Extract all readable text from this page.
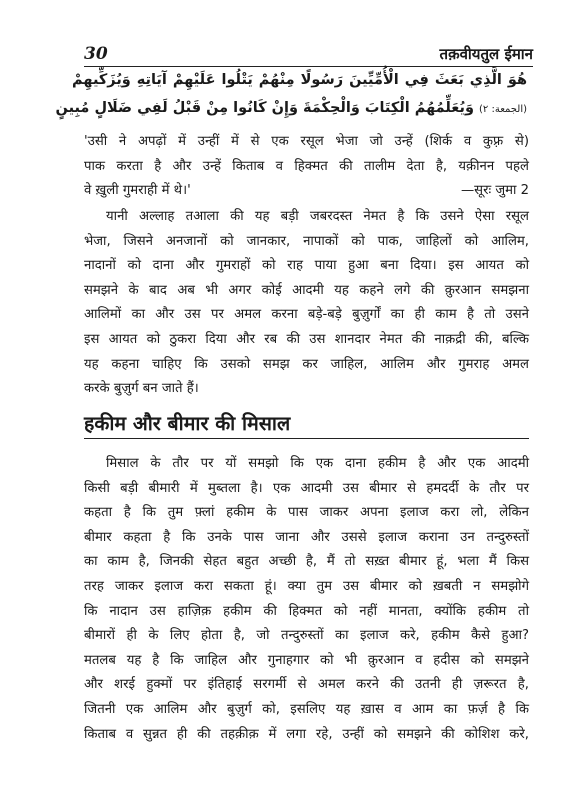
30	तक़वीयतुल ईमान
هُوَ الَّذِي بَعَثَ فِي الْأُمِّيِّينَ رَسُولًا مِنْهُمْ يَتْلُوا عَلَيْهِمْ آيَاتِهِ وَيُزَكِّيهِمْ
(الجمعة: ٢) وَيُعَلِّمُهُمُ الْكِتَابَ وَالْحِكْمَةَ وَإِنْ كَانُوا مِنْ قَبْلُ لَفِي ضَلَالٍ مُبِينٍ
'उसी ने अपढ़ों में उन्हीं में से एक रसूल भेजा जो उन्हें (शिर्क व कुफ़्र से)
पाक करता है और उन्हें किताब व हिक्मत की तालीम देता है, यक़ीनन पहले
वे ख़ुली गुमराही में थे।'	—सूरः जुमा 2
यानी अल्लाह तआला की यह बड़ी जबरदस्त नेमत है कि उसने ऐसा रसूल
भेजा, जिसने अनजानों को जानकार, नापाकों को पाक, जाहिलों को आलिम,
नादानों को दाना और गुमराहों को राह पाया हुआ बना दिया। इस आयत को
समझने के बाद अब भी अगर कोई आदमी यह कहने लगे की क़ुरआन समझना
आलिमों का और उस पर अमल करना बड़े-बड़े बुज़ुर्गों का ही काम है तो उसने
इस आयत को ठुकरा दिया और रब की उस शानदार नेमत की नाक़द्री की, बल्कि
यह कहना चाहिए कि उसको समझ कर जाहिल, आलिम और गुमराह अमल
करके बुज़ुर्ग बन जाते हैं।
हकीम और बीमार की मिसाल
मिसाल के तौर पर यों समझो कि एक दाना हकीम है और एक आदमी
किसी बड़ी बीमारी में मुब्तला है। एक आदमी उस बीमार से हमदर्दी के तौर पर
कहता है कि तुम फ़्लां हकीम के पास जाकर अपना इलाज करा लो, लेकिन
बीमार कहता है कि उनके पास जाना और उससे इलाज कराना उन तन्दुरुस्तों
का काम है, जिनकी सेहत बहुत अच्छी है, मैं तो सख़्त बीमार हूं, भला मैं किस
तरह जाकर इलाज करा सकता हूं। क्या तुम उस बीमार को ख़बती न समझोगे
कि नादान उस हाज़िक़ हकीम की हिक्मत को नहीं मानता, क्योंकि हकीम तो
बीमारों ही के लिए होता है, जो तन्दुरुस्तों का इलाज करे, हकीम कैसे हुआ?
मतलब यह है कि जाहिल और गुनाहगार को भी क़ुरआन व हदीस को समझने
और शरई हुक्मों पर इंतिहाई सरगर्मी से अमल करने की उतनी ही ज़रूरत है,
जितनी एक आलिम और बुज़ुर्ग को, इसलिए यह ख़ास व आम का फ़र्ज़ है कि
किताब व सुन्नत ही की तहक़ीक़ में लगा रहे, उन्हीं को समझने की कोशिश करे,
